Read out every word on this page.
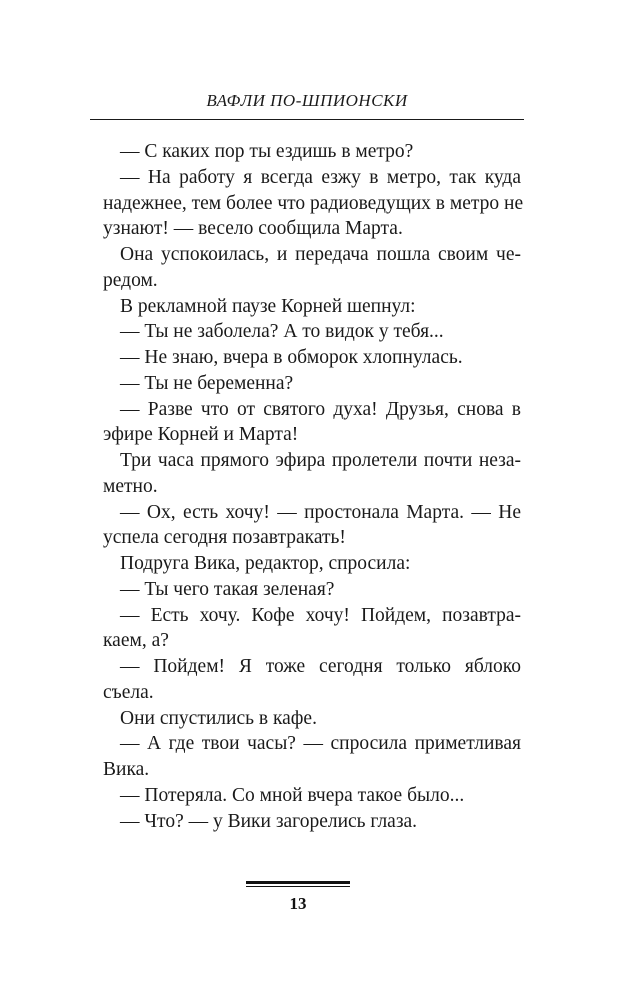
ВАФЛИ ПО-ШПИОНСКИ
— С каких пор ты ездишь в метро?
— На работу я всегда езжу в метро, так куда
надежнее, тем более что радиоведущих в метро не
узнают! — весело сообщила Марта.
Она успокоилась, и передача пошла своим че-
редом.
В рекламной паузе Корней шепнул:
— Ты не заболела? А то видок у тебя...
— Не знаю, вчера в обморок хлопнулась.
— Ты не беременна?
— Разве что от святого духа! Друзья, снова в
эфире Корней и Марта!
Три часа прямого эфира пролетели почти неза-
метно.
— Ох, есть хочу! — простонала Марта. — Не
успела сегодня позавтракать!
Подруга Вика, редактор, спросила:
— Ты чего такая зеленая?
— Есть хочу. Кофе хочу! Пойдем, позавтра-
каем, а?
— Пойдем! Я тоже сегодня только яблоко
съела.
Они спустились в кафе.
— А где твои часы? — спросила приметливая
Вика.
— Потеряла. Со мной вчера такое было...
— Что? — у Вики загорелись глаза.
13
